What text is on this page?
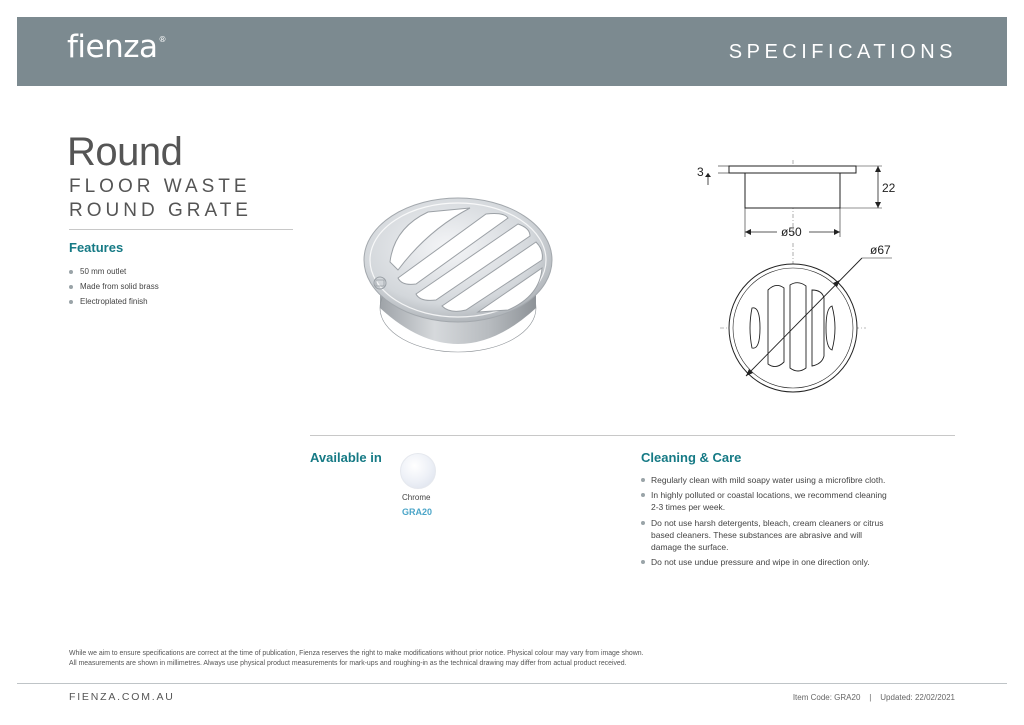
fienza®
SPECIFICATIONS
Round
FLOOR WASTE
ROUND GRATE
Features
50 mm outlet
Made from solid brass
Electroplated finish
3
22
ø50
ø67
Available in
Chrome
GRA20
Cleaning & Care
Regularly clean with mild soapy water using a microfibre cloth.
In highly polluted or coastal locations, we recommend cleaning 2-3 times per week.
Do not use harsh detergents, bleach, cream cleaners or citrus based cleaners. These substances are abrasive and will damage the surface.
Do not use undue pressure and wipe in one direction only.
While we aim to ensure specifications are correct at the time of publication, Fienza reserves the right to make modifications without prior notice. Physical colour may vary from image shown.
All measurements are shown in millimetres. Always use physical product measurements for mark-ups and roughing-in as the technical drawing may differ from actual product received.
FIENZA.COM.AU	Item Code: GRA20 | Updated: 22/02/2021
